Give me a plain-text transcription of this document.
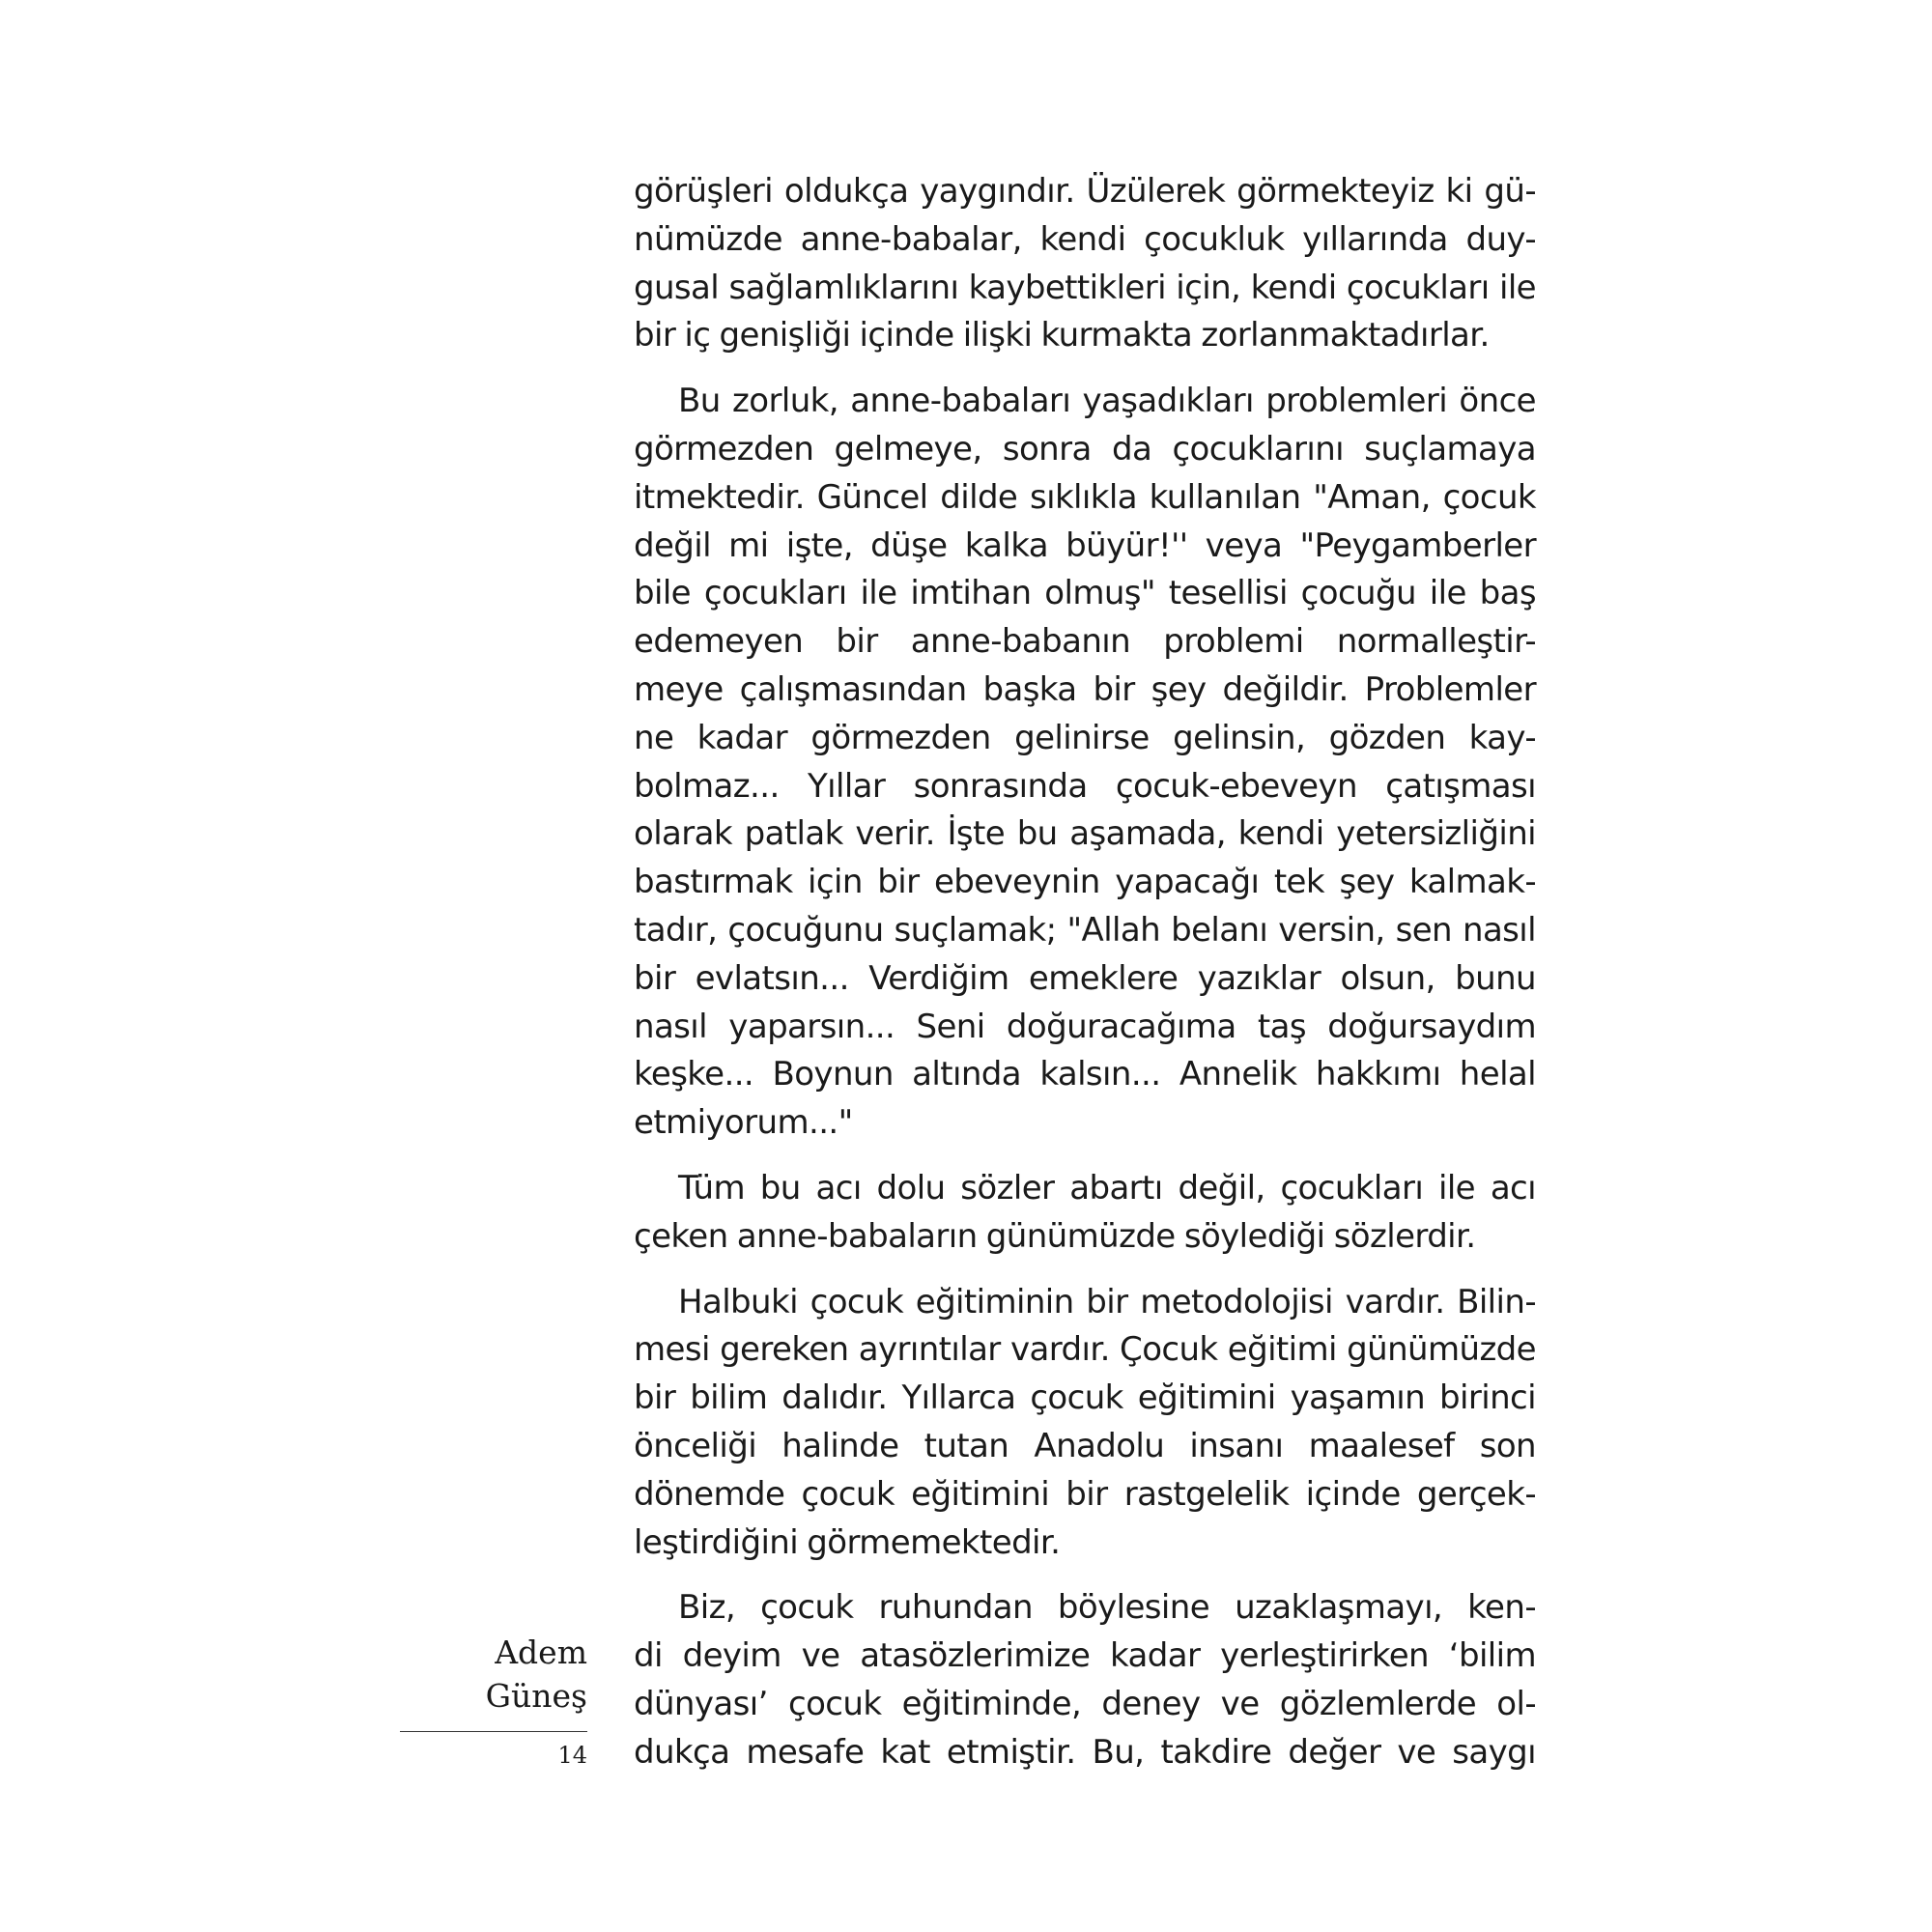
görüşleri oldukça yaygındır. Üzülerek görmekteyiz ki gü-
nümüzde anne-babalar, kendi çocukluk yıllarında duy-
gusal sağlamlıklarını kaybettikleri için, kendi çocukları ile
bir iç genişliği içinde ilişki kurmakta zorlanmaktadırlar.
Bu zorluk, anne-babaları yaşadıkları problemleri önce
görmezden gelmeye, sonra da çocuklarını suçlamaya
itmektedir. Güncel dilde sıklıkla kullanılan "Aman, çocuk
değil mi işte, düşe kalka büyür!'' veya "Peygamberler
bile çocukları ile imtihan olmuş" tesellisi çocuğu ile baş
edemeyen bir anne-babanın problemi normalleştir-
meye çalışmasından başka bir şey değildir. Problemler
ne kadar görmezden gelinirse gelinsin, gözden kay-
bolmaz... Yıllar sonrasında çocuk-ebeveyn çatışması
olarak patlak verir. İşte bu aşamada, kendi yetersizliğini
bastırmak için bir ebeveynin yapacağı tek şey kalmak-
tadır, çocuğunu suçlamak; "Allah belanı versin, sen nasıl
bir evlatsın... Verdiğim emeklere yazıklar olsun, bunu
nasıl yaparsın... Seni doğuracağıma taş doğursaydım
keşke... Boynun altında kalsın... Annelik hakkımı helal
etmiyorum..."
Tüm bu acı dolu sözler abartı değil, çocukları ile acı
çeken anne-babaların günümüzde söylediği sözlerdir.
Halbuki çocuk eğitiminin bir metodolojisi vardır. Bilin-
mesi gereken ayrıntılar vardır. Çocuk eğitimi günümüzde
bir bilim dalıdır. Yıllarca çocuk eğitimini yaşamın birinci
önceliği halinde tutan Anadolu insanı maalesef son
dönemde çocuk eğitimini bir rastgelelik içinde gerçek-
leştirdiğini görmemektedir.
Biz, çocuk ruhundan böylesine uzaklaşmayı, ken-
di deyim ve atasözlerimize kadar yerleştirirken ‘bilim
dünyası’ çocuk eğitiminde, deney ve gözlemlerde ol-
dukça mesafe kat etmiştir. Bu, takdire değer ve saygı
Adem
Güneş
14
